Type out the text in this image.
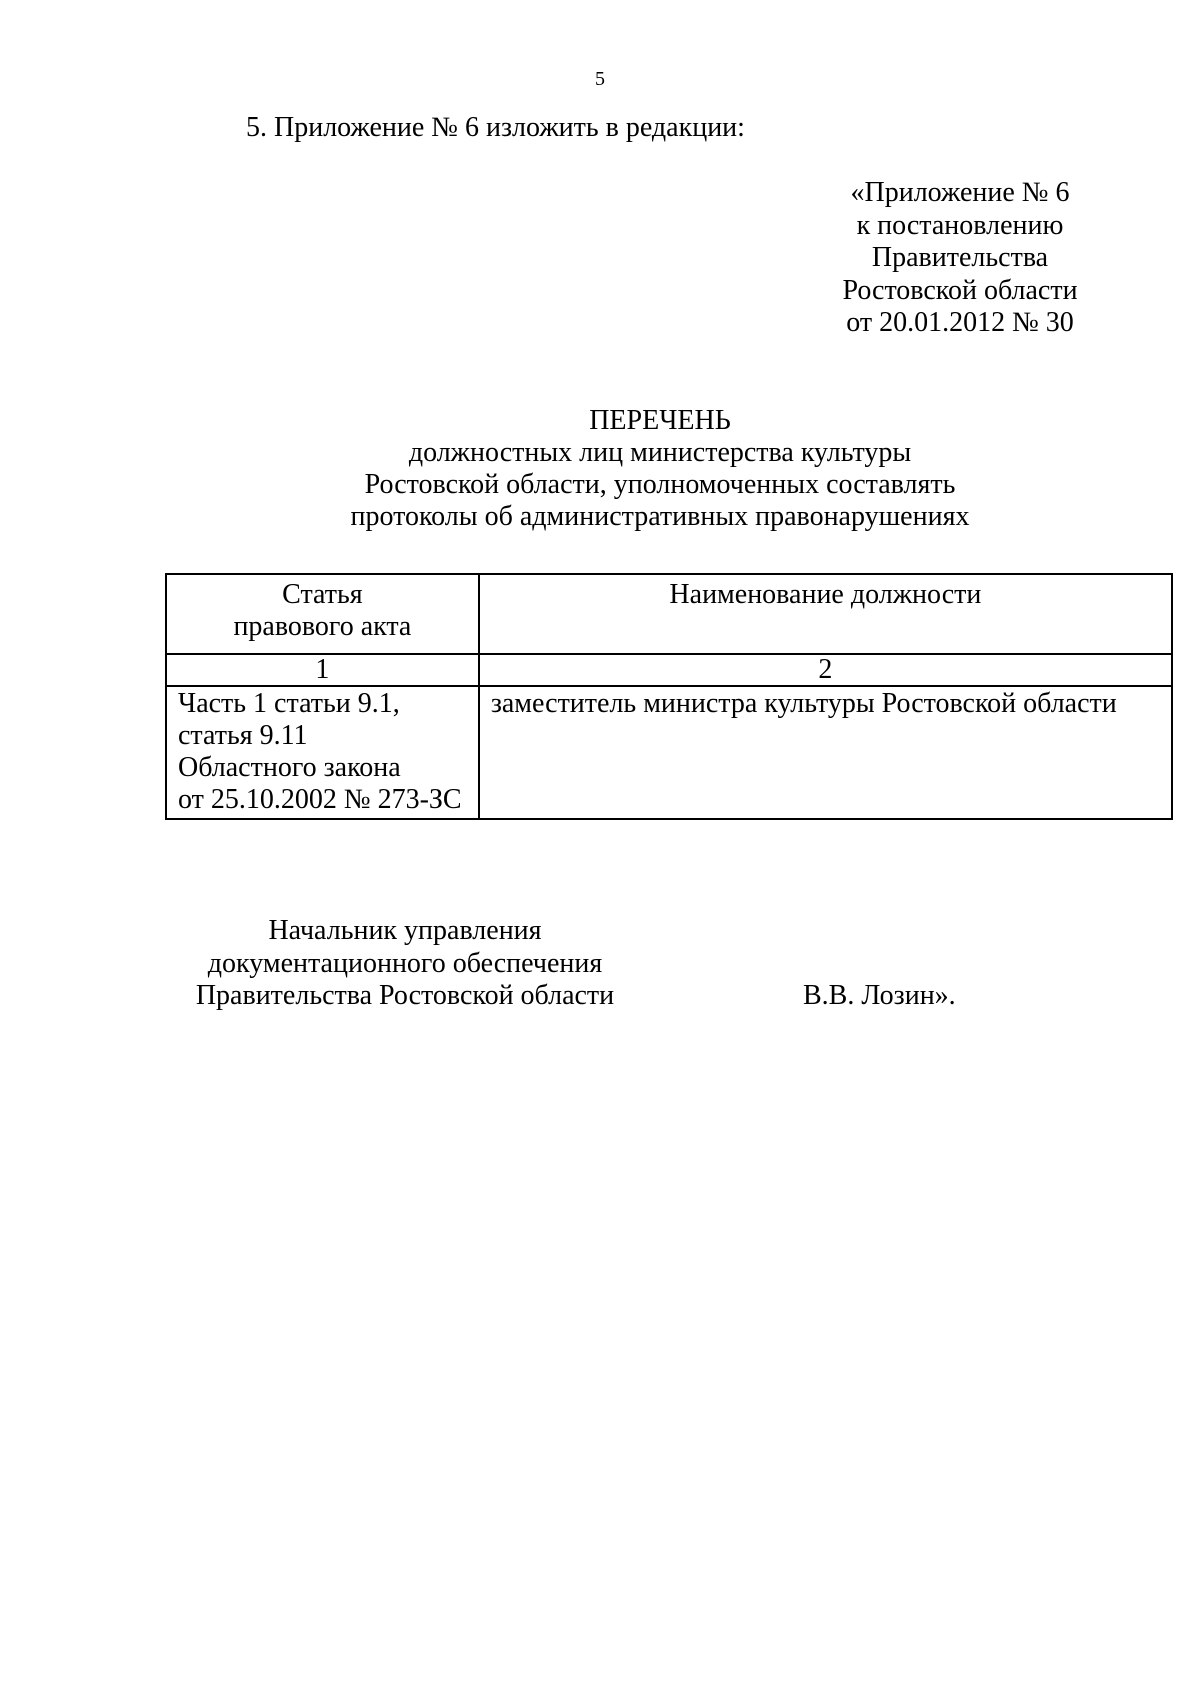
5
5. Приложение № 6 изложить в редакции:
«Приложение № 6
к постановлению
Правительства
Ростовской области
от 20.01.2012 № 30
ПЕРЕЧЕНЬ
должностных лиц министерства культуры
Ростовской области, уполномоченных составлять
протоколы об административных правонарушениях
Статья
правового акта	Наименование должности
1	2

Часть 1 статьи 9.1,
статья 9.11
Областного закона
от 25.10.2002 № 273-ЗС	заместитель министра культуры Ростовской области
Начальник управления
документационного обеспечения
Правительства Ростовской области	В.В. Лозин».
